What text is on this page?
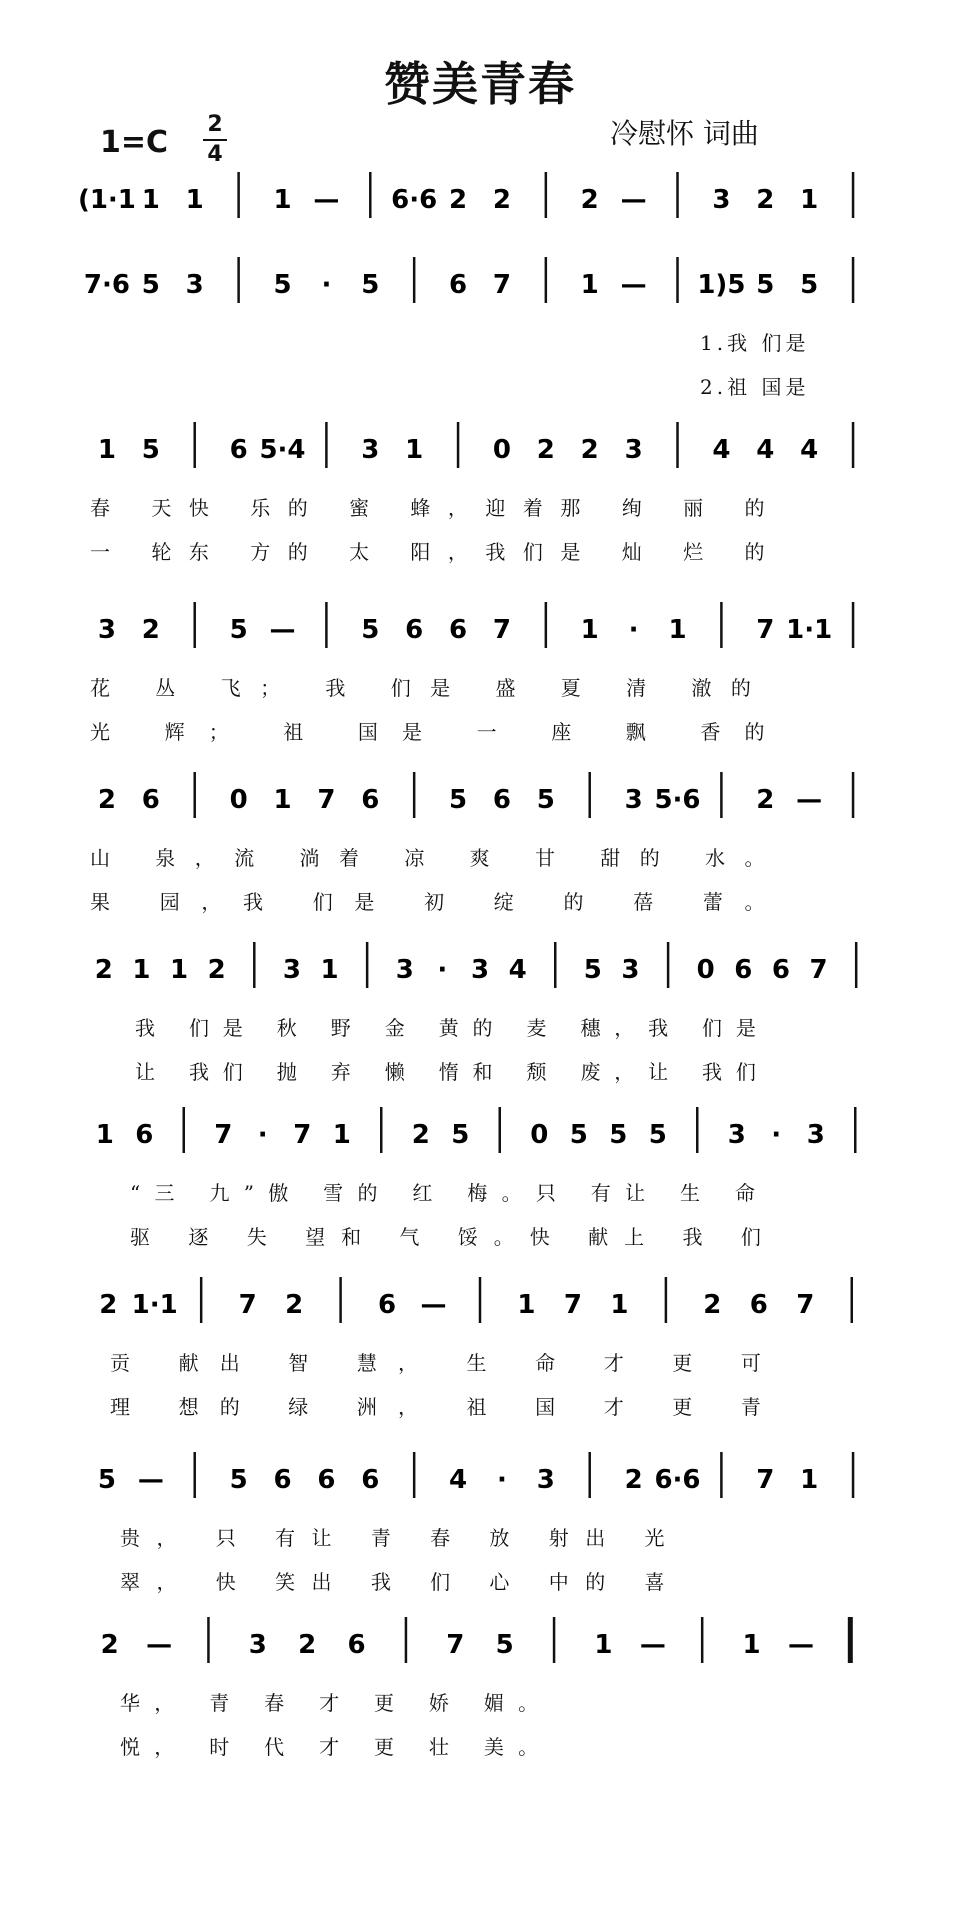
赞美青春
1=C
2
4
冷慰怀 词曲
(1·1 1 1	1 — 6·6 2 2	2 —	3 2 1
7·6 5 3	5 · 5	6 7	1 — 1)5 5 5
1.我 们是
2.祖 国是
1 5	6 5·4 3 1	0 2 2 3	4 4 4
春 天快 乐的 蜜 蜂，迎着那 绚 丽 的
一 轮东 方的 太 阳，我们是 灿 烂 的
3 2	5 —	5 6 6 7	1 · 1	7 1·1
花 丛 飞； 我 们是 盛 夏 清 澈的
光 辉； 祖 国是 一 座 飘 香的
2 6	0 1 7 6	5 6 5	3 5·6 2 —
山 泉，流 淌着 凉 爽 甘 甜的 水。
果 园，我 们是 初 绽 的 蓓 蕾。
2 1 1 2 3 1 3 · 3 4 5 3 0 6 6 7
我 们是 秋 野 金 黄的 麦 穗，我 们是
让 我们 抛 弃 懒 惰和 颓 废，让 我们
1 6 7 · 7 1 2 5 0 5 5 5 3 · 3
“三 九”傲 雪的 红 梅。只 有让 生 命
驱 逐 失 望和 气 馁。快 献上 我 们
2 1·1 7 2	6 —	1 7 1	2 6 7
贡 献出 智 慧， 生 命 才 更 可
理 想的 绿 洲， 祖 国 才 更 青
5 —	5 6 6 6	4 · 3	2 6·6 7 1
贵， 只 有让 青 春 放 射出 光
翠， 快 笑出 我 们 心 中的 喜
2 —	3 2 6	7 5	1 —	1 —
华， 青 春 才 更 娇 媚。
悦， 时 代 才 更 壮 美。
